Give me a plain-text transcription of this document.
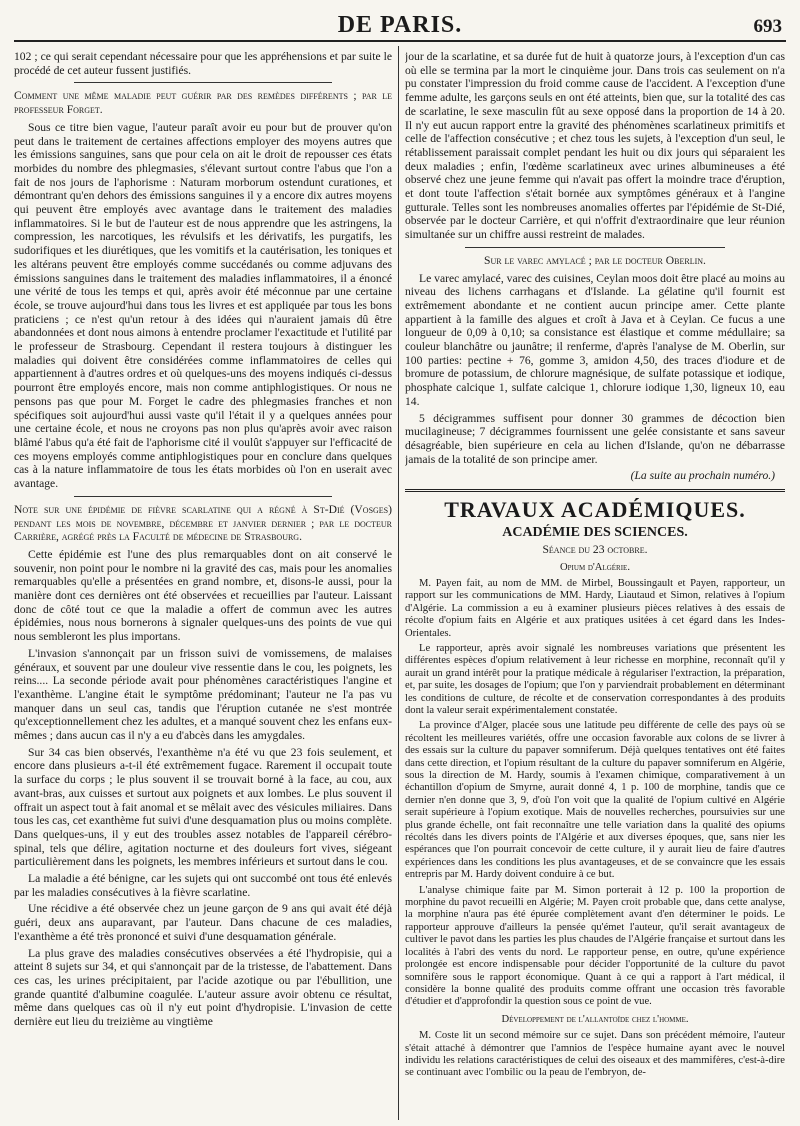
DE PARIS.	693

102 ; ce qui serait cependant nécessaire pour que les appréhensions et par suite le procédé de cet auteur fussent justifiés.

Comment une même maladie peut guérir par des remèdes différents ; par le professeur Forget.

Sous ce titre bien vague, l'auteur paraît avoir eu pour but de prouver qu'on peut dans le traitement de certaines affections employer des moyens autres que les émissions sanguines, sans que pour cela on ait le droit de repousser ces états morbides du nombre des phlegmasies, s'élevant surtout contre l'abus que l'on a fait de nos jours de l'aphorisme : Naturam morborum ostendunt curationes, et démontrant qu'en dehors des émissions sanguines il y a encore dix autres moyens qui peuvent être employés avec avantage dans le traitement des maladies inflammatoires. Si le but de l'auteur est de nous apprendre que les astringens, la compression, les narcotiques, les révulsifs et les dérivatifs, les purgatifs, les sudorifiques et les diurétiques, que les vomitifs et la cautérisation, les toniques et les altérans peuvent être employés comme succédanés ou comme adjuvans des émissions sanguines dans le traitement des maladies inflammatoires, il a énoncé une vérité de tous les temps et qui, après avoir été méconnue par une certaine école, se trouve aujourd'hui dans tous les livres et est appliquée par tous les bons praticiens ; ce n'est qu'un retour à des idées qui n'auraient jamais dû être abandonnées et dont nous aimons à entendre proclamer l'exactitude et l'utilité par le professeur de Strasbourg. Cependant il restera toujours à distinguer les maladies qui doivent être considérées comme inflammatoires de celles qui appartiennent à d'autres ordres et où quelques-uns des moyens indiqués ci-dessus pourront être employés encore, mais non comme antiphlogistiques. Or nous ne pensons pas que pour M. Forget le cadre des phlegmasies franches et non spécifiques soit aujourd'hui aussi vaste qu'il l'était il y a quelques années pour une certaine école, et nous ne croyons pas non plus qu'après avoir avec raison blâmé l'abus qu'a été fait de l'aphorisme cité il voulût s'appuyer sur l'efficacité de ces moyens employés comme antiphlogistiques pour en conclure dans quelques cas à la nature inflammatoire de tous les états morbides où l'on en userait avec avantage.

Note sur une épidémie de fièvre scarlatine qui a régné à St-Dié (Vosges) pendant les mois de novembre, décembre et janvier dernier ; par le docteur Carrière, agrégé près la Faculté de médecine de Strasbourg.

Cette épidémie est l'une des plus remarquables dont on ait conservé le souvenir, non point pour le nombre ni la gravité des cas, mais pour les anomalies remarquables qu'elle a présentées en grand nombre, et, disons-le aussi, pour la manière dont ces dernières ont été observées et recueillies par l'auteur. Laissant donc de côté tout ce que la maladie a offert de commun avec les autres épidémies, nous nous bornerons à signaler quelques-uns des points de vue qui nous sembleront les plus importans.

L'invasion s'annonçait par un frisson suivi de vomissemens, de malaises généraux, et souvent par une douleur vive ressentie dans le cou, les poignets, les reins.... La seconde période avait pour phénomènes caractéristiques l'angine et l'exanthème. L'angine était le symptôme prédominant; l'auteur ne l'a pas vu manquer dans un seul cas, tandis que l'éruption cutanée ne s'est montrée qu'exceptionnellement chez les adultes, et a manqué souvent chez les enfans eux-mêmes ; dans aucun cas il n'y a eu d'abcès dans les amygdales.

Sur 34 cas bien observés, l'exanthème n'a été vu que 23 fois seulement, et encore dans plusieurs a-t-il été extrêmement fugace. Rarement il occupait toute la surface du corps ; le plus souvent il se trouvait borné à la face, au cou, aux avant-bras, aux cuisses et surtout aux poignets et aux lombes. Le plus souvent il offrait un aspect tout à fait anomal et se mêlait avec des vésicules miliaires. Dans tous les cas, cet exanthème fut suivi d'une desquamation plus ou moins complète. Dans quelques-uns, il y eut des troubles assez notables de l'appareil cérébro-spinal, tels que délire, agitation nocturne et des douleurs fort vives, siégeant particulièrement dans les poignets, les membres inférieurs et surtout dans le cou.

La maladie a été bénigne, car les sujets qui ont succombé ont tous été enlevés par les maladies consécutives à la fièvre scarlatine.

Une récidive a été observée chez un jeune garçon de 9 ans qui avait été déjà guéri, deux ans auparavant, par l'auteur. Dans chacune de ces maladies, l'exanthème a été très prononcé et suivi d'une desquamation générale.

La plus grave des maladies consécutives observées a été l'hydropisie, qui a atteint 8 sujets sur 34, et qui s'annonçait par de la tristesse, de l'abattement. Dans ces cas, les urines précipitaient, par l'acide azotique ou par l'ébullition, une grande quantité d'albumine coagulée. L'auteur assure avoir obtenu ce résultat, même dans quelques cas où il n'y eut point d'hydropisie. L'invasion de cette dernière eut lieu du treizième au vingtième

jour de la scarlatine, et sa durée fut de huit à quatorze jours, à l'exception d'un cas où elle se termina par la mort le cinquième jour. Dans trois cas seulement on n'a pu constater l'impression du froid comme cause de l'accident. A l'exception d'une femme adulte, les garçons seuls en ont été atteints, bien que, sur la totalité des cas de scarlatine, le sexe masculin fût au sexe opposé dans la proportion de 14 à 20. Il n'y eut aucun rapport entre la gravité des phénomènes scarlatineux primitifs et celle de l'affection consécutive ; et chez tous les sujets, à l'exception d'un seul, le rétablissement paraissait complet pendant les huit ou dix jours qui séparaient les deux maladies ; enfin, l'œdème scarlatineux avec urines albumineuses a été observé chez une jeune femme qui n'avait pas offert la moindre trace d'éruption, et dont toute l'affection s'était bornée aux symptômes généraux et à l'angine gutturale. Telles sont les nombreuses anomalies offertes par l'épidémie de St-Dié, observée par le docteur Carrière, et qui n'offrit d'extraordinaire que leur réunion simultanée sur un chiffre aussi restreint de malades.

Sur le varec amylacé ; par le docteur Oberlin.

Le varec amylacé, varec des cuisines, Ceylan moos doit être placé au moins au niveau des lichens carrhagans et d'Islande. La gélatine qu'il fournit est extrêmement abondante et ne contient aucun principe amer. Cette plante appartient à la famille des algues et croît à Java et à Ceylan. Ce fucus a une longueur de 0,09 à 0,10; sa consistance est élastique et comme médullaire; sa couleur blanchâtre ou jaunâtre; il renferme, d'après l'analyse de M. Oberlin, sur 100 parties: pectine + 76, gomme 3, amidon 4,50, des traces d'iodure et de bromure de potassium, de chlorure magnésique, de sulfate potassique et iodique, phosphate calcique 1, sulfate calcique 1, chlorure iodique 1,30, ligneux 10, eau 14.

5 décigrammes suffisent pour donner 30 grammes de décoction bien mucilagineuse; 7 décigrammes fournissent une gelée consistante et sans saveur désagréable, bien supérieure en cela au lichen d'Islande, qu'on ne débarrasse jamais de la totalité de son principe amer.

(La suite au prochain numéro.)
TRAVAUX ACADÉMIQUES.
ACADÉMIE DES SCIENCES.
Séance du 23 octobre.
Opium d'Algérie.

M. Payen fait, au nom de MM. de Mirbel, Boussingault et Payen, rapporteur, un rapport sur les communications de MM. Hardy, Liautaud et Simon, relatives à l'opium d'Algérie. La commission a eu à examiner plusieurs pièces relatives à des essais de récolte d'opium faits en Algérie et aux pratiques usitées à cet égard dans les Indes-Orientales.

Le rapporteur, après avoir signalé les nombreuses variations que présentent les différentes espèces d'opium relativement à leur richesse en morphine, reconnaît qu'il y aurait un grand intérêt pour la pratique médicale à régulariser l'extraction, la préparation, et, par suite, les dosages de l'opium; que l'on y parviendrait probablement en déterminant les conditions de culture, de récolte et de conservation correspondantes à des produits dont la valeur serait expérimentalement constatée.

La province d'Alger, placée sous une latitude peu différente de celle des pays où se récoltent les meilleures variétés, offre une occasion favorable aux colons de se livrer à des essais sur la culture du papaver somniferum. Déjà quelques tentatives ont été faites dans cette direction, et l'opium résultant de la culture du papaver somniferum en Algérie, sous la direction de M. Hardy, soumis à l'examen chimique, comparativement à un échantillon d'opium de Smyrne, aurait donné 4, 1 p. 100 de morphine, tandis que ce dernier n'en donne que 3, 9, d'où l'on voit que la qualité de l'opium cultivé en Algérie serait supérieure à l'opium exotique. Mais de nouvelles recherches, poursuivies sur une plus grande échelle, ont fait reconnaître une telle variation dans la qualité des opiums récoltés dans les divers points de l'Algérie et aux diverses époques, que, sans nier les espérances que l'on pourrait concevoir de cette culture, il y aurait lieu de faire d'autres expériences dans les conditions les plus avantageuses, et de se convaincre que les essais entrepris par M. Hardy doivent conduire à ce but.

L'analyse chimique faite par M. Simon porterait à 12 p. 100 la proportion de morphine du pavot recueilli en Algérie; M. Payen croit probable que, dans cette analyse, la morphine n'aura pas été épurée complètement avant d'en déterminer le poids. Le rapporteur approuve d'ailleurs la pensée qu'émet l'auteur, qu'il serait avantageux de cultiver le pavot dans les parties les plus chaudes de l'Algérie française et surtout dans les localités à l'abri des vents du nord. Le rapporteur pense, en outre, qu'une expérience prolongée est encore indispensable pour décider l'opportunité de la culture du pavot somnifère sous le rapport économique. Quant à ce qui a rapport à l'art médical, il considère la bonne qualité des produits comme offrant une occasion très favorable d'étudier et d'approfondir la question sous ce point de vue.

Développement de l'allantoïde chez l'homme.

M. Coste lit un second mémoire sur ce sujet. Dans son précédent mémoire, l'auteur s'était attaché à démontrer que l'amnios de l'espèce humaine ayant avec le nouvel individu les relations caractéristiques de celui des oiseaux et des mammifères, c'est-à-dire se continuant avec l'ombilic ou la peau de l'embryon, de-
